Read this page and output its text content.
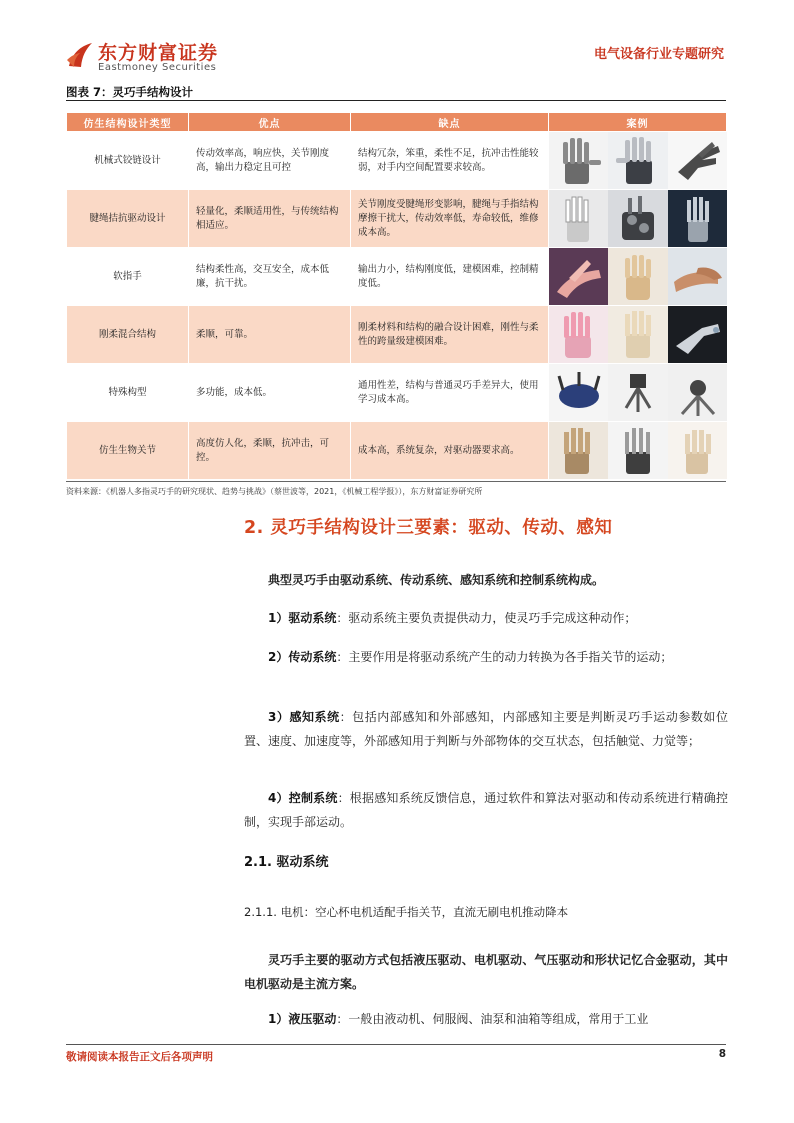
东方财富证券
Eastmoney Securities
电气设备行业专题研究
图表 7：灵巧手结构设计
仿生结构设计类型	优点	缺点	案例
机械式铰链设计	传动效率高，响应快，关节刚度高，输出力稳定且可控	结构冗杂，笨重，柔性不足，抗冲击性能较弱，对手内空间配置要求较高。	

腱绳拮抗驱动设计	轻量化，柔顺适用性，与传统结构相适应。	关节刚度受腱绳形变影响，腱绳与手指结构摩擦干扰大，传动效率低，寿命较低，维修成本高。	

软指手	结构柔性高，交互安全，成本低廉，抗干扰。	输出力小，结构刚度低，建模困难，控制精度低。	

刚柔混合结构	柔顺，可靠。	刚柔材料和结构的融合设计困难，刚性与柔性的跨量级建模困难。	

特殊构型	多功能，成本低。	通用性差，结构与普通灵巧手差异大，使用学习成本高。	

仿生生物关节	高度仿人化，柔顺，抗冲击，可控。	成本高，系统复杂，对驱动器要求高。	
资料来源：《机器人多指灵巧手的研究现状、趋势与挑战》（蔡世波等，2021，《机械工程学报》），东方财富证券研究所
2. 灵巧手结构设计三要素：驱动、传动、感知
典型灵巧手由驱动系统、传动系统、感知系统和控制系统构成。
1）驱动系统：驱动系统主要负责提供动力，使灵巧手完成这种动作；
2）传动系统：主要作用是将驱动系统产生的动力转换为各手指关节的运动；
3）感知系统：包括内部感知和外部感知，内部感知主要是判断灵巧手运动参数如位置、速度、加速度等，外部感知用于判断与外部物体的交互状态，包括触觉、力觉等；
4）控制系统：根据感知系统反馈信息，通过软件和算法对驱动和传动系统进行精确控制，实现手部运动。
2.1. 驱动系统
2.1.1. 电机：空心杯电机适配手指关节，直流无刷电机推动降本
灵巧手主要的驱动方式包括液压驱动、电机驱动、气压驱动和形状记忆合金驱动，其中电机驱动是主流方案。
1）液压驱动：一般由液动机、伺服阀、油泵和油箱等组成，常用于工业
敬请阅读本报告正文后各项声明	8
